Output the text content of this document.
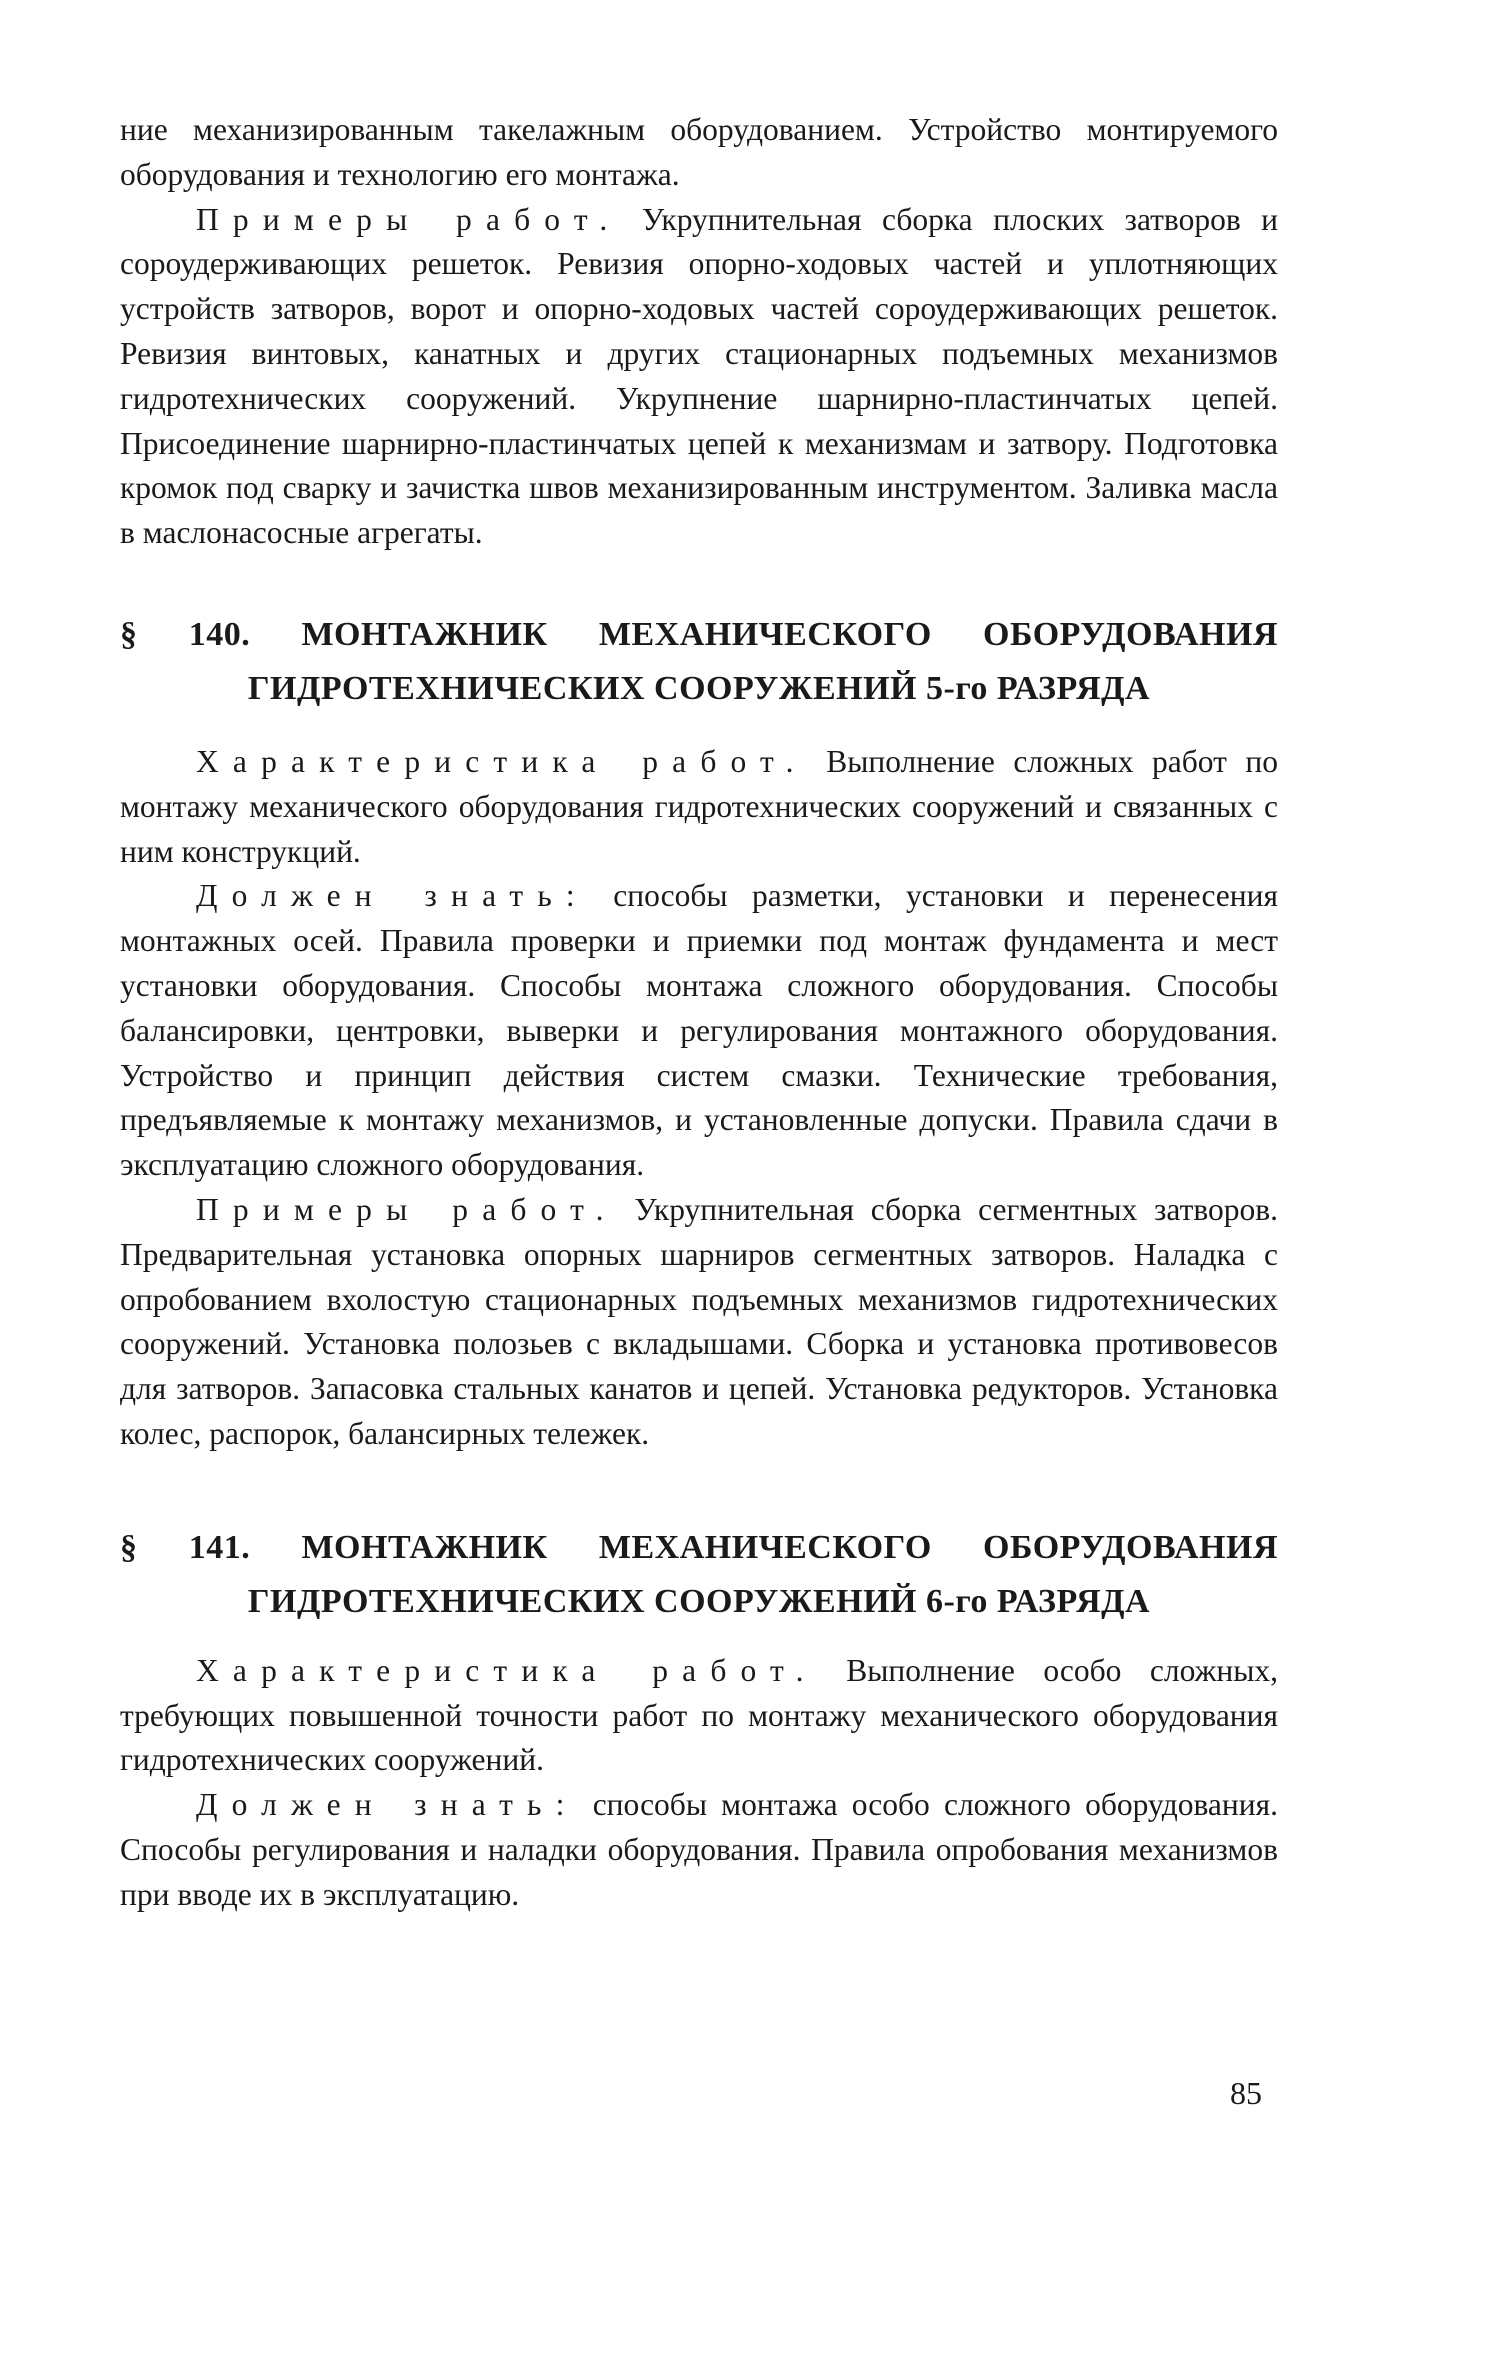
ние механизированным такелажным оборудованием. Устройство монтируемого оборудования и технологию его монтажа.

Примеры работ. Укрупнительная сборка плоских затворов и сороудерживающих решеток. Ревизия опорно-ходовых частей и уплотняющих устройств затворов, ворот и опорно-ходовых частей сороудерживающих решеток. Ревизия винтовых, канатных и других стационарных подъемных механизмов гидротехнических сооружений. Укрупнение шарнирно-пластинчатых цепей. Присоединение шарнирно-пластинчатых цепей к механизмам и затвору. Подготовка кромок под сварку и зачистка швов механизированным инструментом. Заливка масла в маслонасосные агрегаты.

§ 140. МОНТАЖНИК МЕХАНИЧЕСКОГО ОБОРУДОВАНИЯ
ГИДРОТЕХНИЧЕСКИХ СООРУЖЕНИЙ 5-го РАЗРЯДА

Характеристика работ. Выполнение сложных работ по монтажу механического оборудования гидротехнических сооружений и связанных с ним конструкций.

Должен знать: способы разметки, установки и перенесения монтажных осей. Правила проверки и приемки под монтаж фундамента и мест установки оборудования. Способы монтажа сложного оборудования. Способы балансировки, центровки, выверки и регулирования монтажного оборудования. Устройство и принцип действия систем смазки. Технические требования, предъявляемые к монтажу механизмов, и установленные допуски. Правила сдачи в эксплуатацию сложного оборудования.

Примеры работ. Укрупнительная сборка сегментных затворов. Предварительная установка опорных шарниров сегментных затворов. Наладка с опробованием вхолостую стационарных подъемных механизмов гидротехнических сооружений. Установка полозьев с вкладышами. Сборка и установка противовесов для затворов. Запасовка стальных канатов и цепей. Установка редукторов. Установка колес, распорок, балансирных тележек.

§ 141. МОНТАЖНИК МЕХАНИЧЕСКОГО ОБОРУДОВАНИЯ
ГИДРОТЕХНИЧЕСКИХ СООРУЖЕНИЙ 6-го РАЗРЯДА

Характеристика работ. Выполнение особо сложных, требующих повышенной точности работ по монтажу механического оборудования гидротехнических сооружений.

Должен знать: способы монтажа особо сложного оборудования. Способы регулирования и наладки оборудования. Правила опробования механизмов при вводе их в эксплуатацию.

85
